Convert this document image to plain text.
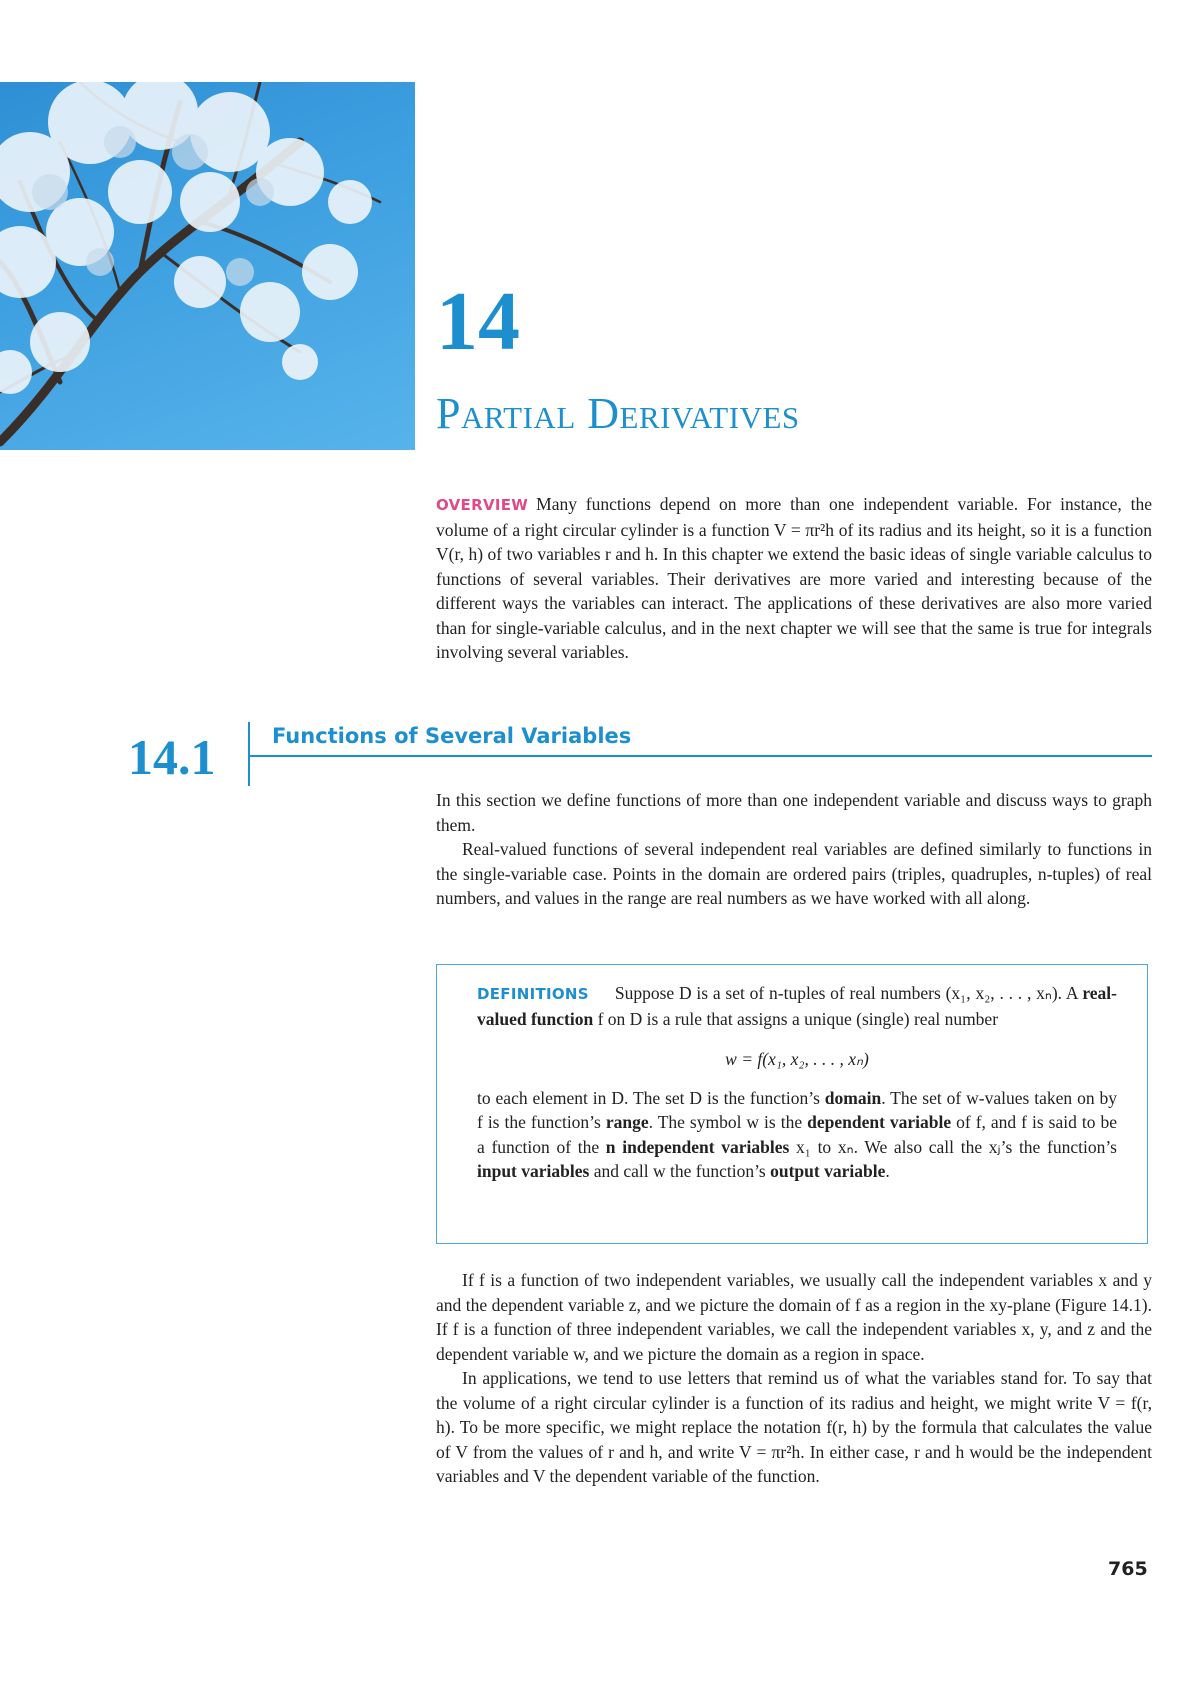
14
Partial Derivatives
OVERVIEW Many functions depend on more than one independent variable. For instance, the volume of a right circular cylinder is a function V = πr²h of its radius and its height, so it is a function V(r, h) of two variables r and h. In this chapter we extend the basic ideas of single variable calculus to functions of several variables. Their derivatives are more varied and interesting because of the different ways the variables can interact. The applications of these derivatives are also more varied than for single-variable calculus, and in the next chapter we will see that the same is true for integrals involving several variables.
14.1	Functions of Several Variables

In this section we define functions of more than one independent variable and discuss ways to graph them.

Real-valued functions of several independent real variables are defined similarly to functions in the single-variable case. Points in the domain are ordered pairs (triples, quadruples, n-tuples) of real numbers, and values in the range are real numbers as we have worked with all along.

DEFINITIONS Suppose D is a set of n-tuples of real numbers (x₁, x₂, . . . , xₙ). A real-valued function f on D is a rule that assigns a unique (single) real number

w = f(x₁, x₂, . . . , xₙ)

to each element in D. The set D is the function’s domain. The set of w-values taken on by f is the function’s range. The symbol w is the dependent variable of f, and f is said to be a function of the n independent variables x₁ to xₙ. We also call the xⱼ’s the function’s input variables and call w the function’s output variable.

If f is a function of two independent variables, we usually call the independent variables x and y and the dependent variable z, and we picture the domain of f as a region in the xy-plane (Figure 14.1). If f is a function of three independent variables, we call the independent variables x, y, and z and the dependent variable w, and we picture the domain as a region in space.

In applications, we tend to use letters that remind us of what the variables stand for. To say that the volume of a right circular cylinder is a function of its radius and height, we might write V = f(r, h). To be more specific, we might replace the notation f(r, h) by the formula that calculates the value of V from the values of r and h, and write V = πr²h. In either case, r and h would be the independent variables and V the dependent variable of the function.

765
